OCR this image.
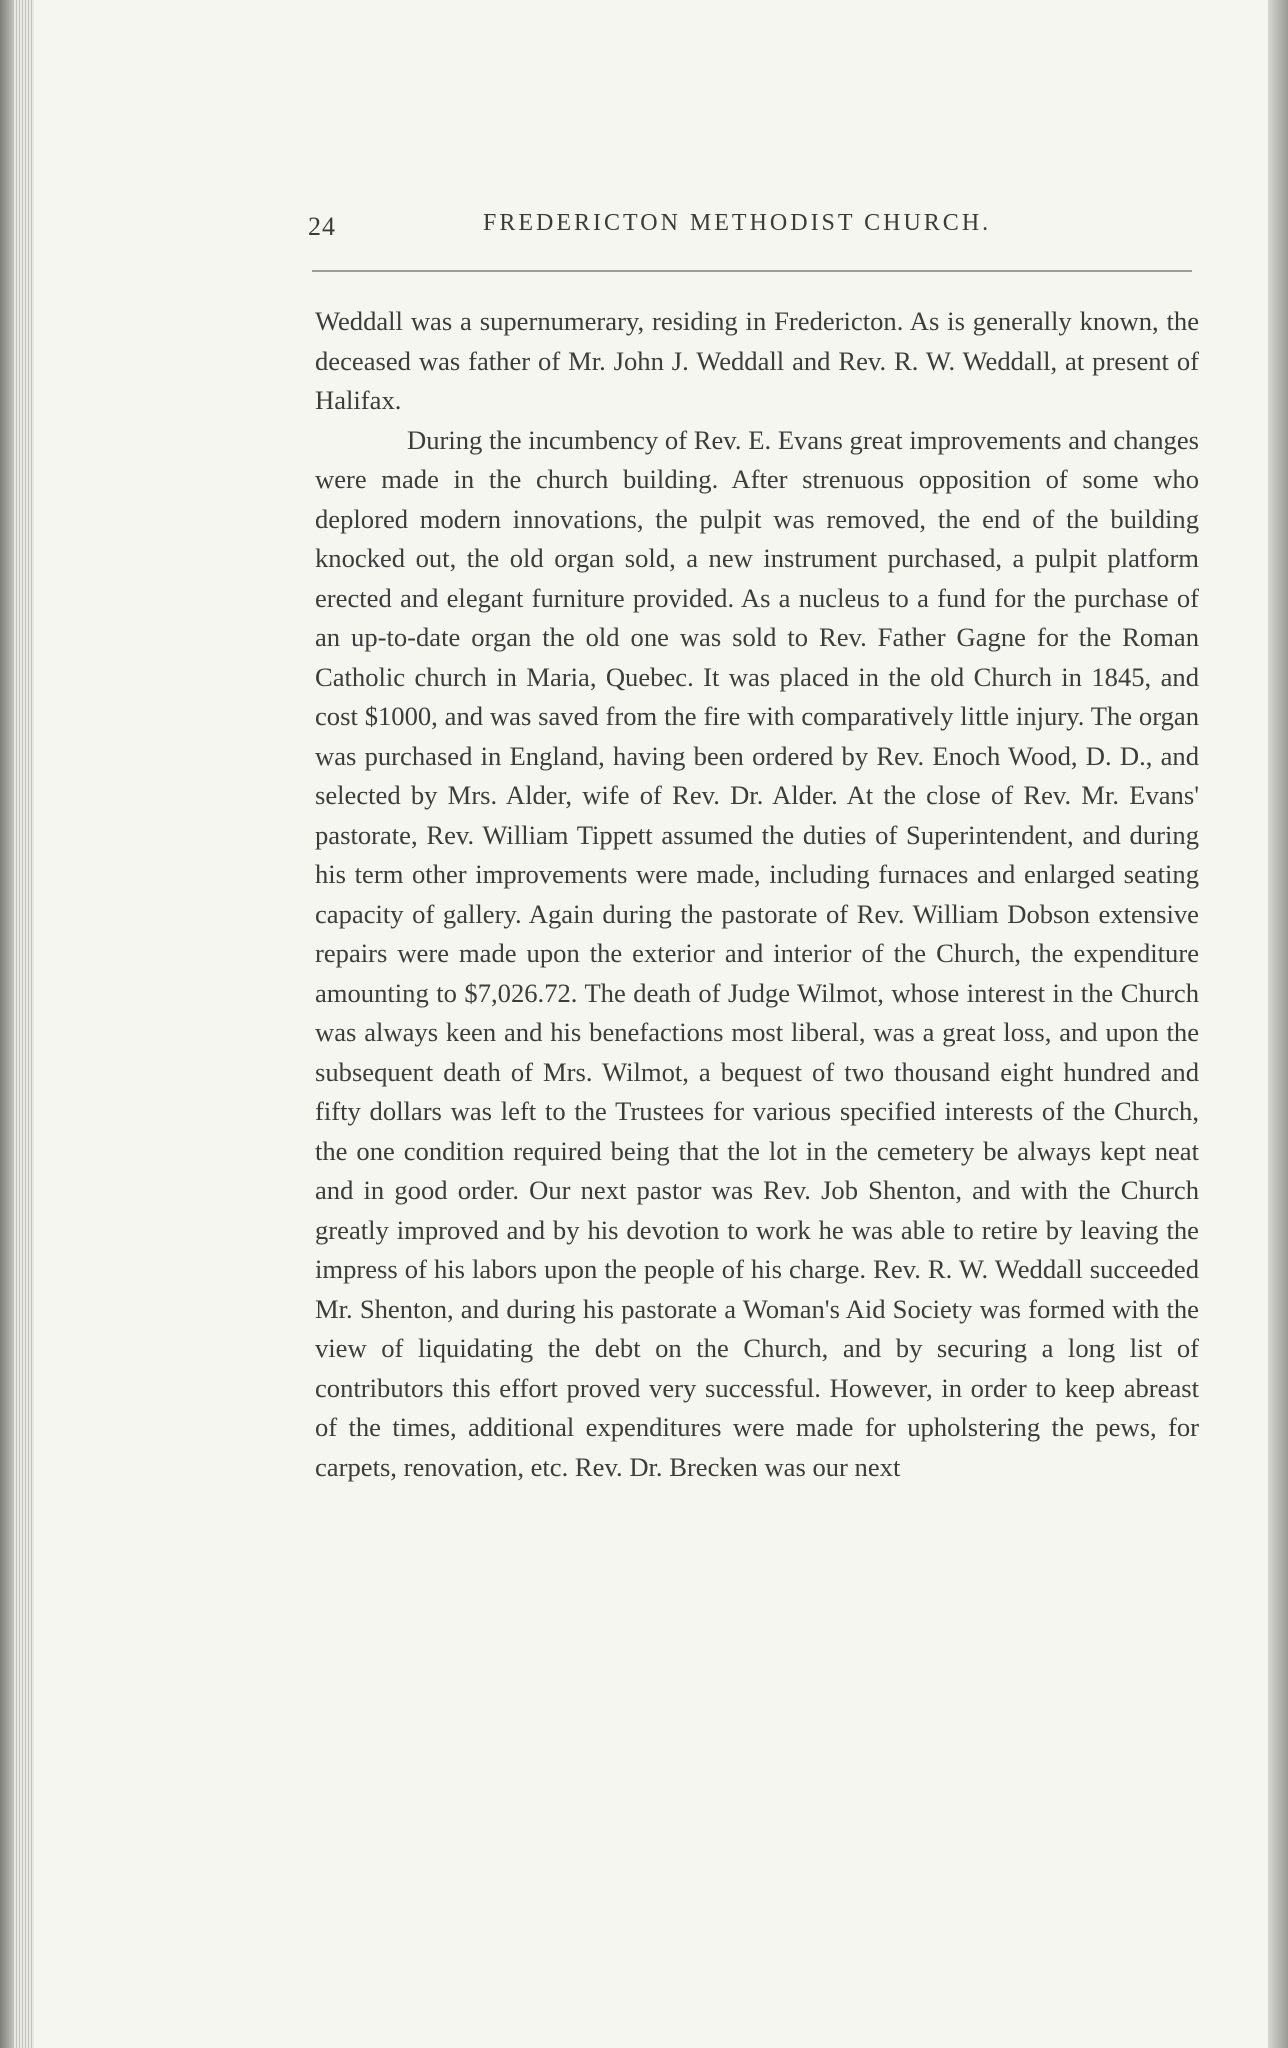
24	FREDERICTON METHODIST CHURCH.

Weddall was a supernumerary, residing in Fredericton. As is generally known, the deceased was father of Mr. John J. Weddall and Rev. R. W. Weddall, at present of Halifax.

During the incumbency of Rev. E. Evans great improvements and changes were made in the church building. After strenuous opposition of some who deplored modern innovations, the pulpit was removed, the end of the building knocked out, the old organ sold, a new instrument purchased, a pulpit platform erected and elegant furniture provided. As a nucleus to a fund for the purchase of an up-to-date organ the old one was sold to Rev. Father Gagne for the Roman Catholic church in Maria, Quebec. It was placed in the old Church in 1845, and cost $1000, and was saved from the fire with comparatively little injury. The organ was purchased in England, having been ordered by Rev. Enoch Wood, D. D., and selected by Mrs. Alder, wife of Rev. Dr. Alder. At the close of Rev. Mr. Evans' pastorate, Rev. William Tippett assumed the duties of Superintendent, and during his term other improvements were made, including furnaces and enlarged seating capacity of gallery. Again during the pastorate of Rev. William Dobson extensive repairs were made upon the exterior and interior of the Church, the expenditure amounting to $7,026.72. The death of Judge Wilmot, whose interest in the Church was always keen and his benefactions most liberal, was a great loss, and upon the subsequent death of Mrs. Wilmot, a bequest of two thousand eight hundred and fifty dollars was left to the Trustees for various specified interests of the Church, the one condition required being that the lot in the cemetery be always kept neat and in good order. Our next pastor was Rev. Job Shenton, and with the Church greatly improved and by his devotion to work he was able to retire by leaving the impress of his labors upon the people of his charge. Rev. R. W. Weddall succeeded Mr. Shenton, and during his pastorate a Woman's Aid Society was formed with the view of liquidating the debt on the Church, and by securing a long list of contributors this effort proved very successful. However, in order to keep abreast of the times, additional expenditures were made for upholstering the pews, for carpets, renovation, etc. Rev. Dr. Brecken was our next
